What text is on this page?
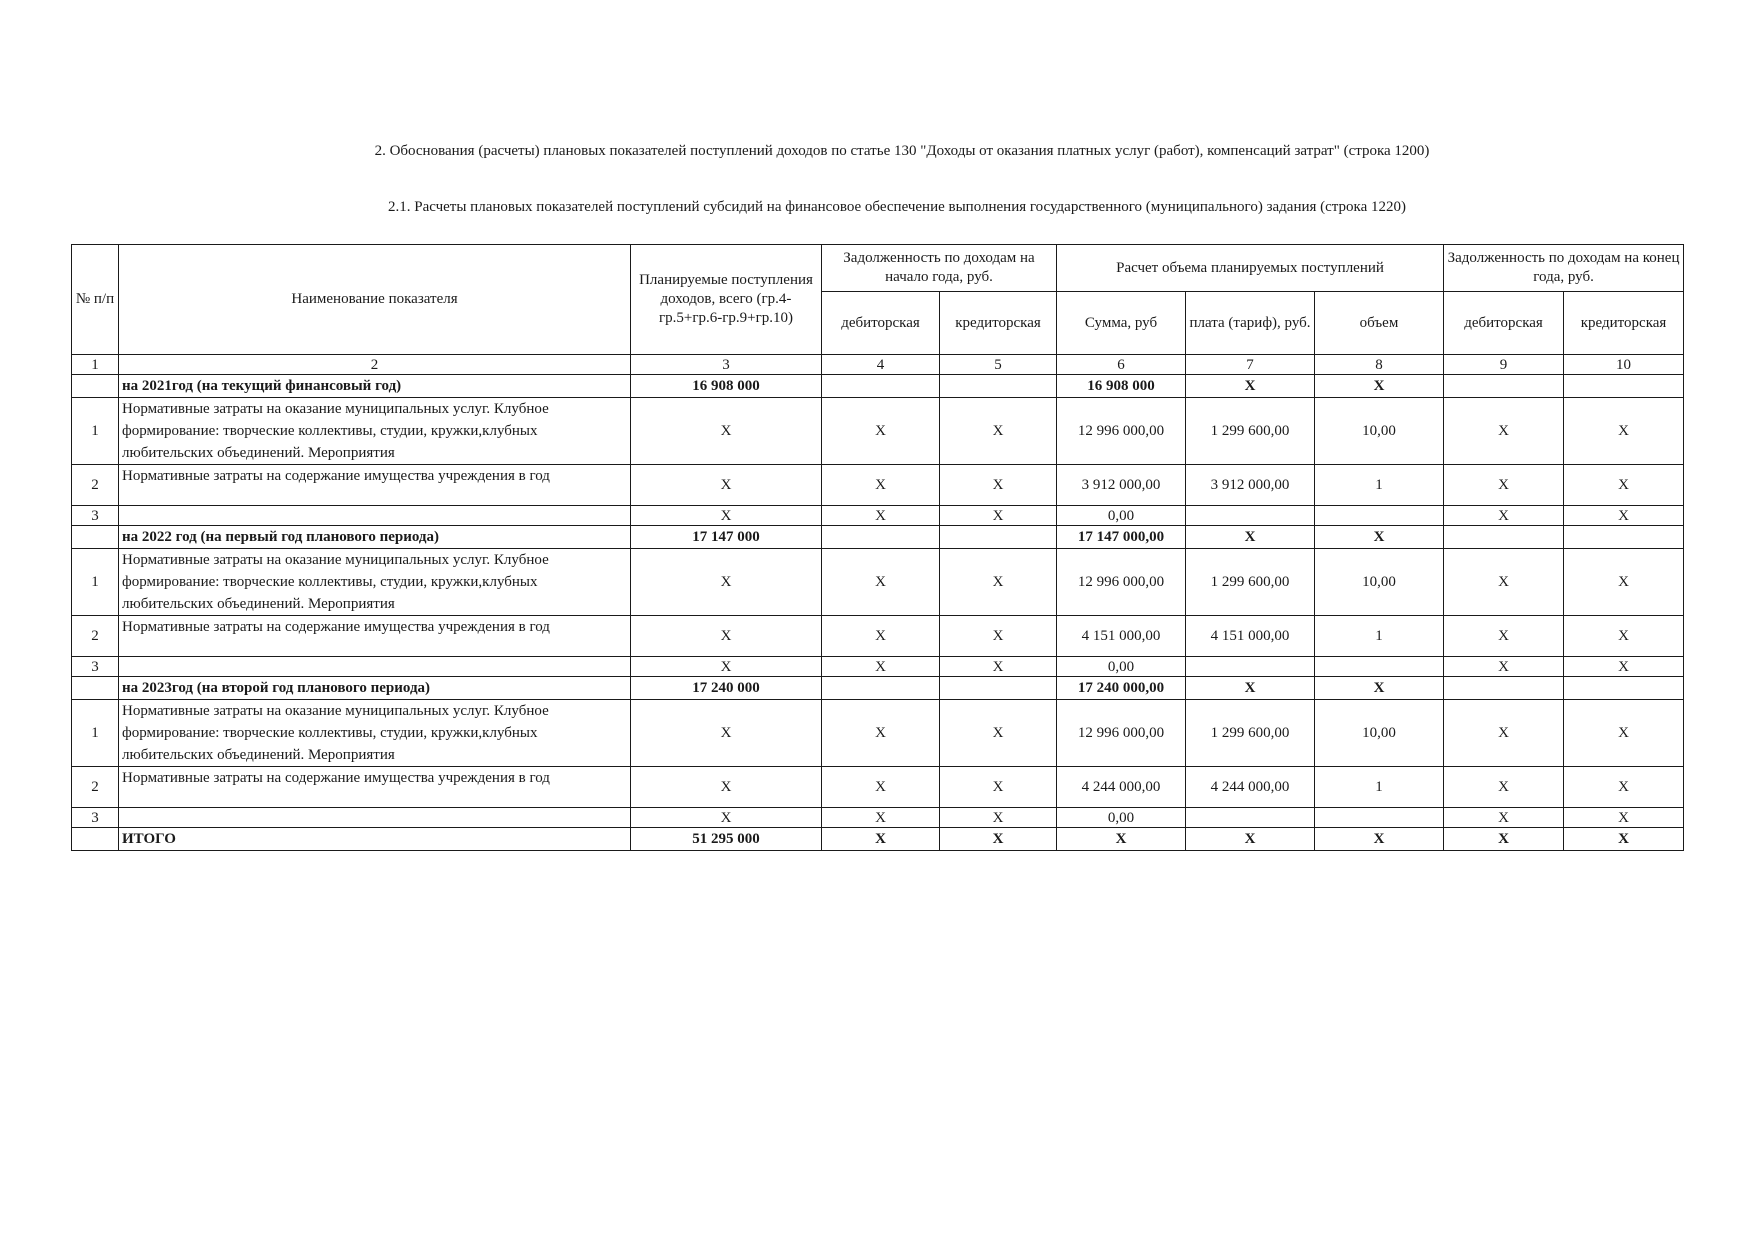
2. Обоснования (расчеты) плановых показателей поступлений доходов по статье 130 "Доходы от оказания платных услуг (работ), компенсаций затрат" (строка 1200)
2.1. Расчеты плановых показателей поступлений субсидий на финансовое обеспечение выполнения государственного (муниципального) задания (строка 1220)
№ п/п	Наименование показателя	Планируемые поступления доходов, всего (гр.4-гр.5+гр.6-гр.9+гр.10)	Задолженность по доходам на начало года, руб.		Расчет объема планируемых поступлений			Задолженность по доходам на конец года, руб.	
			дебиторская	кредиторская	Сумма, руб	плата (тариф), руб.	объем	дебиторская	кредиторская
1	2	3	4	5	6	7	8	9	10
	на 2021год (на текущий финансовый год)	16 908 000			16 908 000	X	X		
1	Нормативные затраты на оказание муниципальных услуг. Клубное формирование: творческие коллективы, студии, кружки,клубных любительских объединений. Мероприятия	X	X	X	12 996 000,00	1 299 600,00	10,00	X	X
2	Нормативные затраты на содержание имущества учреждения в год	X	X	X	3 912 000,00	3 912 000,00	1	X	X
3		X	X	X	0,00			X	X
	на 2022 год (на первый год планового периода)	17 147 000			17 147 000,00	X	X		
1	Нормативные затраты на оказание муниципальных услуг. Клубное формирование: творческие коллективы, студии, кружки,клубных любительских объединений. Мероприятия	X	X	X	12 996 000,00	1 299 600,00	10,00	X	X
2	Нормативные затраты на содержание имущества учреждения в год	X	X	X	4 151 000,00	4 151 000,00	1	X	X
3		X	X	X	0,00			X	X
	на 2023год (на второй год планового периода)	17 240 000			17 240 000,00	X	X		
1	Нормативные затраты на оказание муниципальных услуг. Клубное формирование: творческие коллективы, студии, кружки,клубных любительских объединений. Мероприятия	X	X	X	12 996 000,00	1 299 600,00	10,00	X	X
2	Нормативные затраты на содержание имущества учреждения в год	X	X	X	4 244 000,00	4 244 000,00	1	X	X
3		X	X	X	0,00			X	X
	ИТОГО	51 295 000	X	X	X	X	X	X	X
